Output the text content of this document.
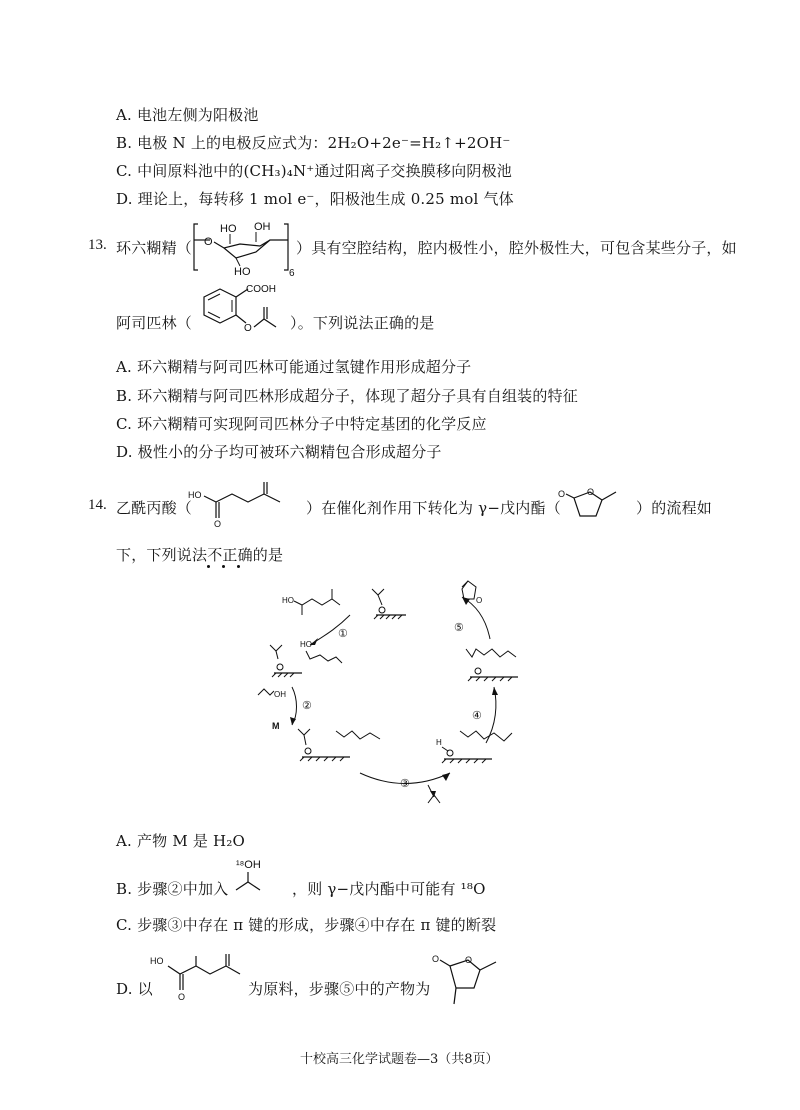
A. 电池左侧为阳极池
B. 电极 N 上的电极反应式为：2H₂O+2e⁻=H₂↑+2OH⁻
C. 中间原料池中的(CH₃)₄N⁺通过阳离子交换膜移向阴极池
D. 理论上，每转移 1 mol e⁻，阳极池生成 0.25 mol 气体
13. 环六糊精（ O
HO OH
HO	6
）具有空腔结构，腔内极性小，腔外极性大，可包含某些分子，如
阿司匹林（
COOH
O	）。下列说法正确的是
A. 环六糊精与阿司匹林可能通过氢键作用形成超分子
B. 环六糊精与阿司匹林形成超分子，体现了超分子具有自组装的特征
C. 环六糊精可实现阿司匹林分子中特定基团的化学反应
D. 极性小的分子均可被环六糊精包合形成超分子
14. 乙酰丙酸（
HO
O
）在催化剂作用下转化为 γ−戊内酯（
O O
）的流程如
下，下列说法不正确的是
HO
①
HO
OH
②
M
③
H
④
⑤
O
A. 产物 M 是 H₂O
B. 步骤②中加入
¹⁸OH
，则 γ−戊内酯中可能有 ¹⁸O
C. 步骤③中存在 π 键的形成，步骤④中存在 π 键的断裂
D. 以
HO
O	为原料，步骤⑤中的产物为
O	O
十校高三化学试题卷—3（共8页）
